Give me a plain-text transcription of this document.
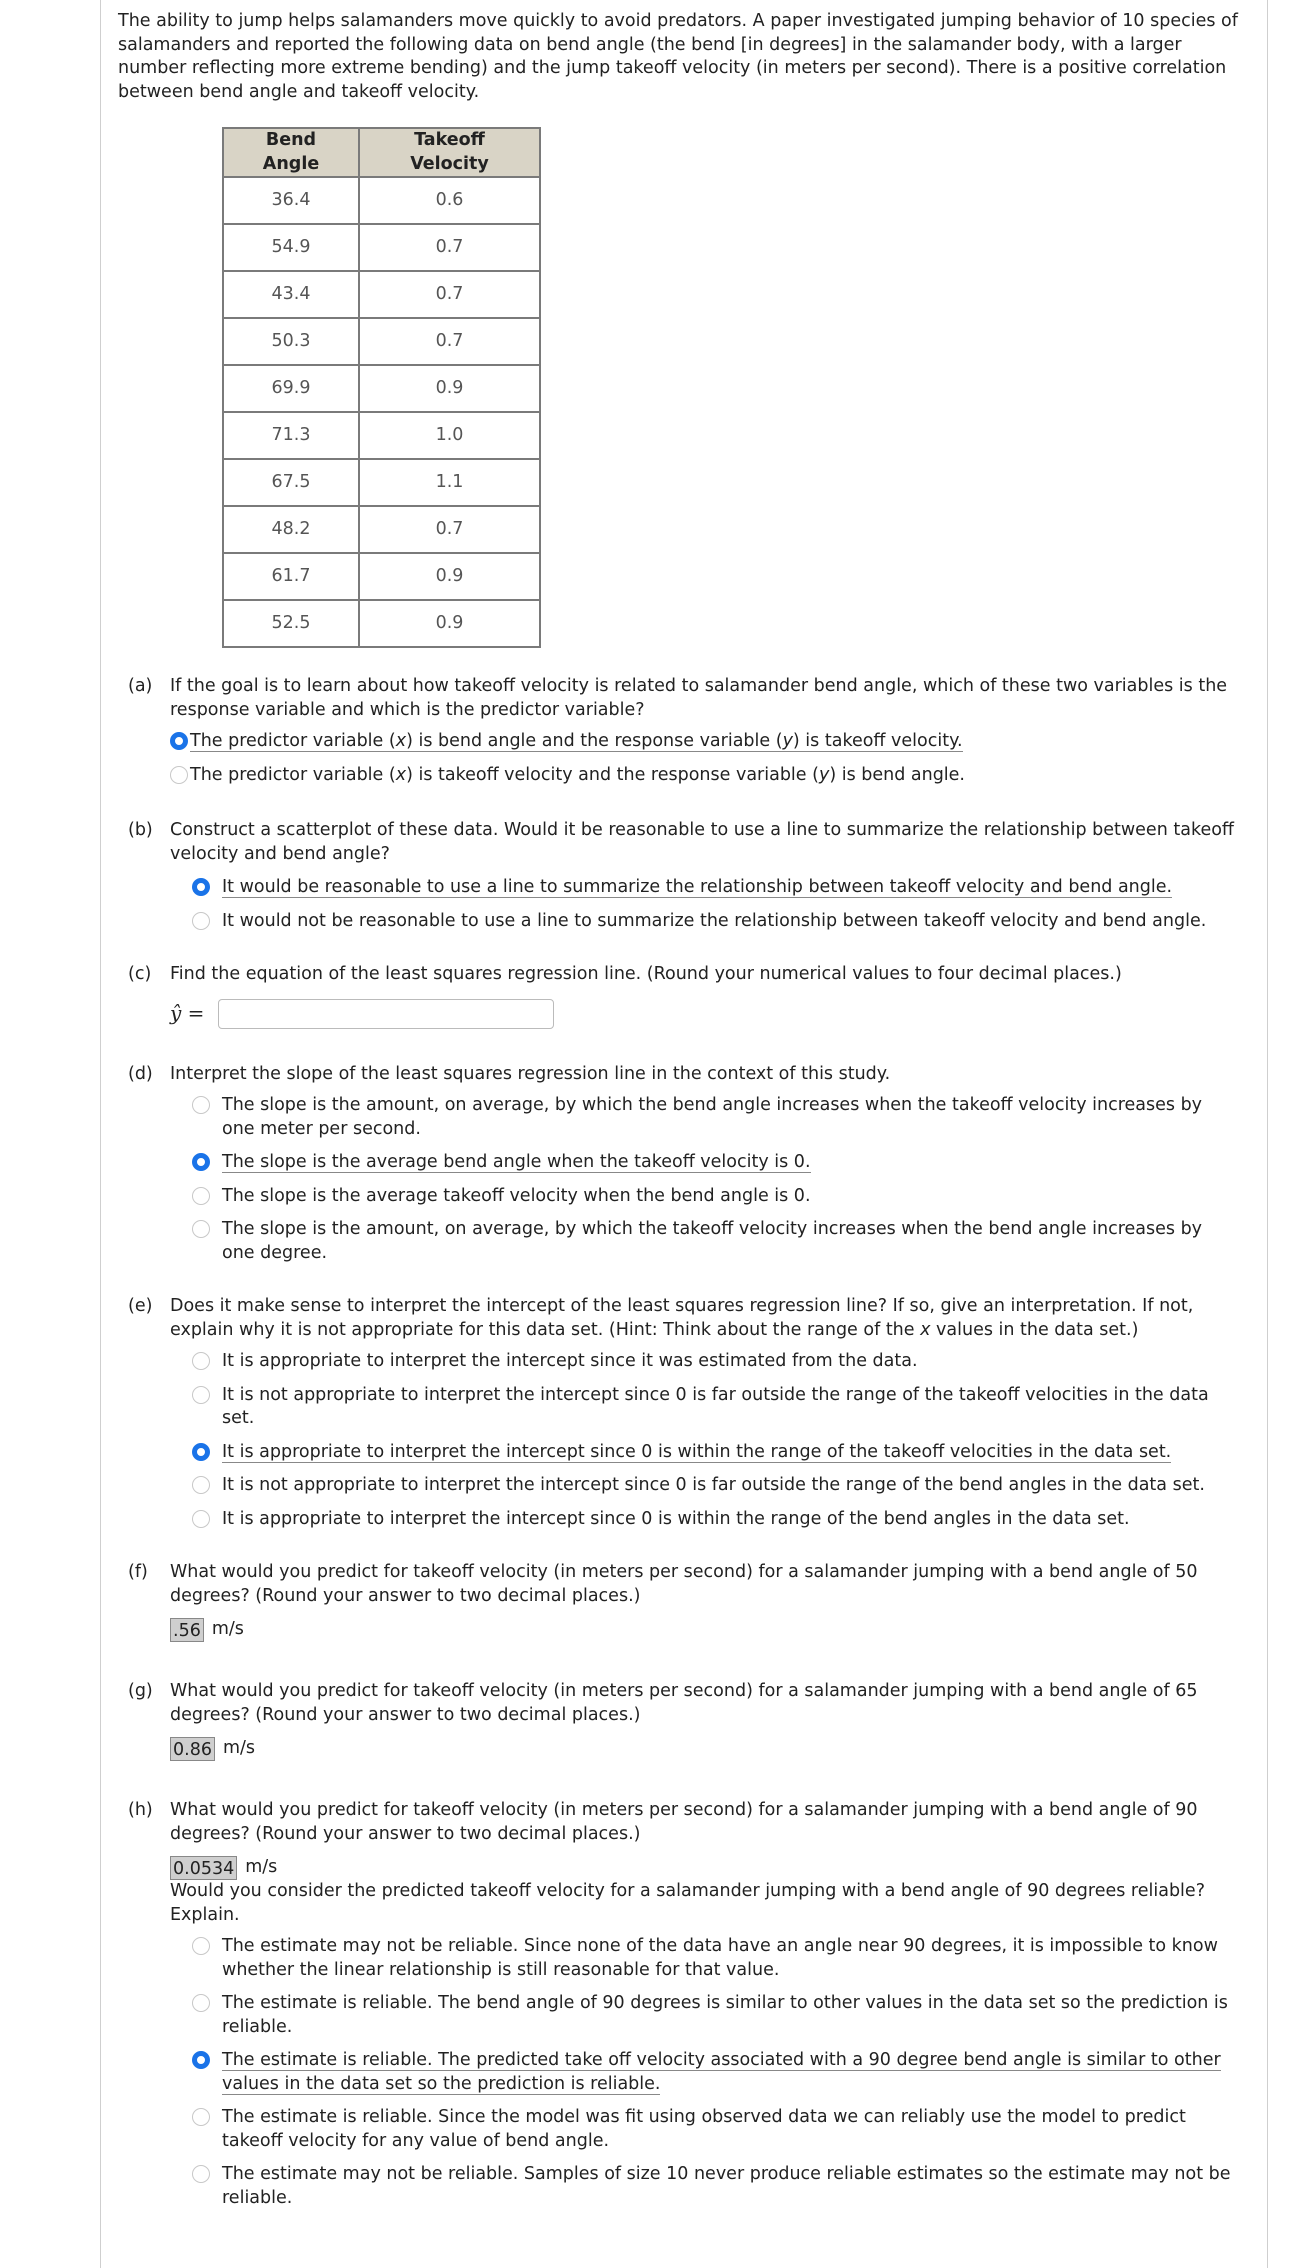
The ability to jump helps salamanders move quickly to avoid predators. A paper investigated jumping behavior of 10 species of salamanders and reported the following data on bend angle (the bend [in degrees] in the salamander body, with a larger number reflecting more extreme bending) and the jump takeoff velocity (in meters per second). There is a positive correlation between bend angle and takeoff velocity.

Bend Angle	Takeoff Velocity
36.4	0.6
54.9	0.7
43.4	0.7
50.3	0.7
69.9	0.9
71.3	1.0
67.5	1.1
48.2	0.7
61.7	0.9
52.5	0.9
(a)	If the goal is to learn about how takeoff velocity is related to salamander bend angle, which of these two variables is the response variable and which is the predictor variable?

The predictor variable (x) is bend angle and the response variable (y) is takeoff velocity.
The predictor variable (x) is takeoff velocity and the response variable (y) is bend angle.
(b) Construct a scatterplot of these data. Would it be reasonable to use a line to summarize the relationship between takeoff velocity and bend angle?

It would be reasonable to use a line to summarize the relationship between takeoff velocity and bend angle.
It would not be reasonable to use a line to summarize the relationship between takeoff velocity and bend angle.
(c)	Find the equation of the least squares regression line. (Round your numerical values to four decimal places.)

ŷ =
(d) Interpret the slope of the least squares regression line in the context of this study.

The slope is the amount, on average, by which the bend angle increases when the takeoff velocity increases by one meter per second.
The slope is the average bend angle when the takeoff velocity is 0.
The slope is the average takeoff velocity when the bend angle is 0.
The slope is the amount, on average, by which the takeoff velocity increases when the bend angle increases by one degree.
(e)	Does it make sense to interpret the intercept of the least squares regression line? If so, give an interpretation. If not, explain why it is not appropriate for this data set. (Hint: Think about the range of the x values in the data set.)

It is appropriate to interpret the intercept since it was estimated from the data.
It is not appropriate to interpret the intercept since 0 is far outside the range of the takeoff velocities in the data set.
It is appropriate to interpret the intercept since 0 is within the range of the takeoff velocities in the data set.
It is not appropriate to interpret the intercept since 0 is far outside the range of the bend angles in the data set.
It is appropriate to interpret the intercept since 0 is within the range of the bend angles in the data set.
(f)	What would you predict for takeoff velocity (in meters per second) for a salamander jumping with a bend angle of 50 degrees? (Round your answer to two decimal places.)

.56 m/s
(g) What would you predict for takeoff velocity (in meters per second) for a salamander jumping with a bend angle of 65 degrees? (Round your answer to two decimal places.)

0.86 m/s
(h) What would you predict for takeoff velocity (in meters per second) for a salamander jumping with a bend angle of 90 degrees? (Round your answer to two decimal places.)

0.0534 m/s

Would you consider the predicted takeoff velocity for a salamander jumping with a bend angle of 90 degrees reliable? Explain.

The estimate may not be reliable. Since none of the data have an angle near 90 degrees, it is impossible to know whether the linear relationship is still reasonable for that value.
The estimate is reliable. The bend angle of 90 degrees is similar to other values in the data set so the prediction is reliable.
The estimate is reliable. The predicted take off velocity associated with a 90 degree bend angle is similar to other values in the data set so the prediction is reliable.
The estimate is reliable. Since the model was fit using observed data we can reliably use the model to predict takeoff velocity for any value of bend angle.
The estimate may not be reliable. Samples of size 10 never produce reliable estimates so the estimate may not be reliable.
